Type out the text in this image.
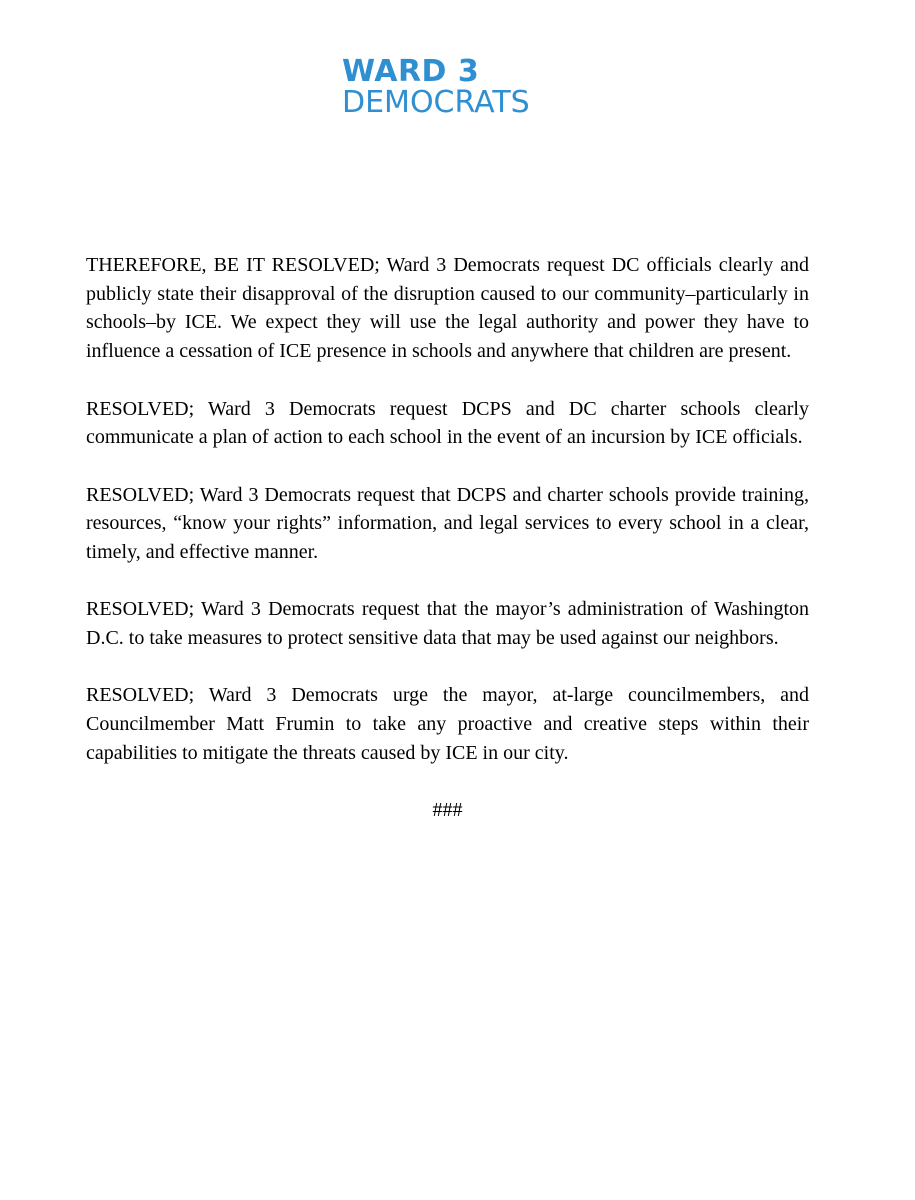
WARD 3
DEMOCRATS

THEREFORE, BE IT RESOLVED; Ward 3 Democrats request DC officials clearly and publicly state their disapproval of the disruption caused to our community–particularly in schools–by ICE. We expect they will use the legal authority and power they have to influence a cessation of ICE presence in schools and anywhere that children are present.

RESOLVED; Ward 3 Democrats request DCPS and DC charter schools clearly communicate a plan of action to each school in the event of an incursion by ICE officials.

RESOLVED; Ward 3 Democrats request that DCPS and charter schools provide training, resources, “know your rights” information, and legal services to every school in a clear, timely, and effective manner.

RESOLVED; Ward 3 Democrats request that the mayor’s administration of Washington D.C. to take measures to protect sensitive data that may be used against our neighbors.

RESOLVED; Ward 3 Democrats urge the mayor, at-large councilmembers, and Councilmember Matt Frumin to take any proactive and creative steps within their capabilities to mitigate the threats caused by ICE in our city.

###
